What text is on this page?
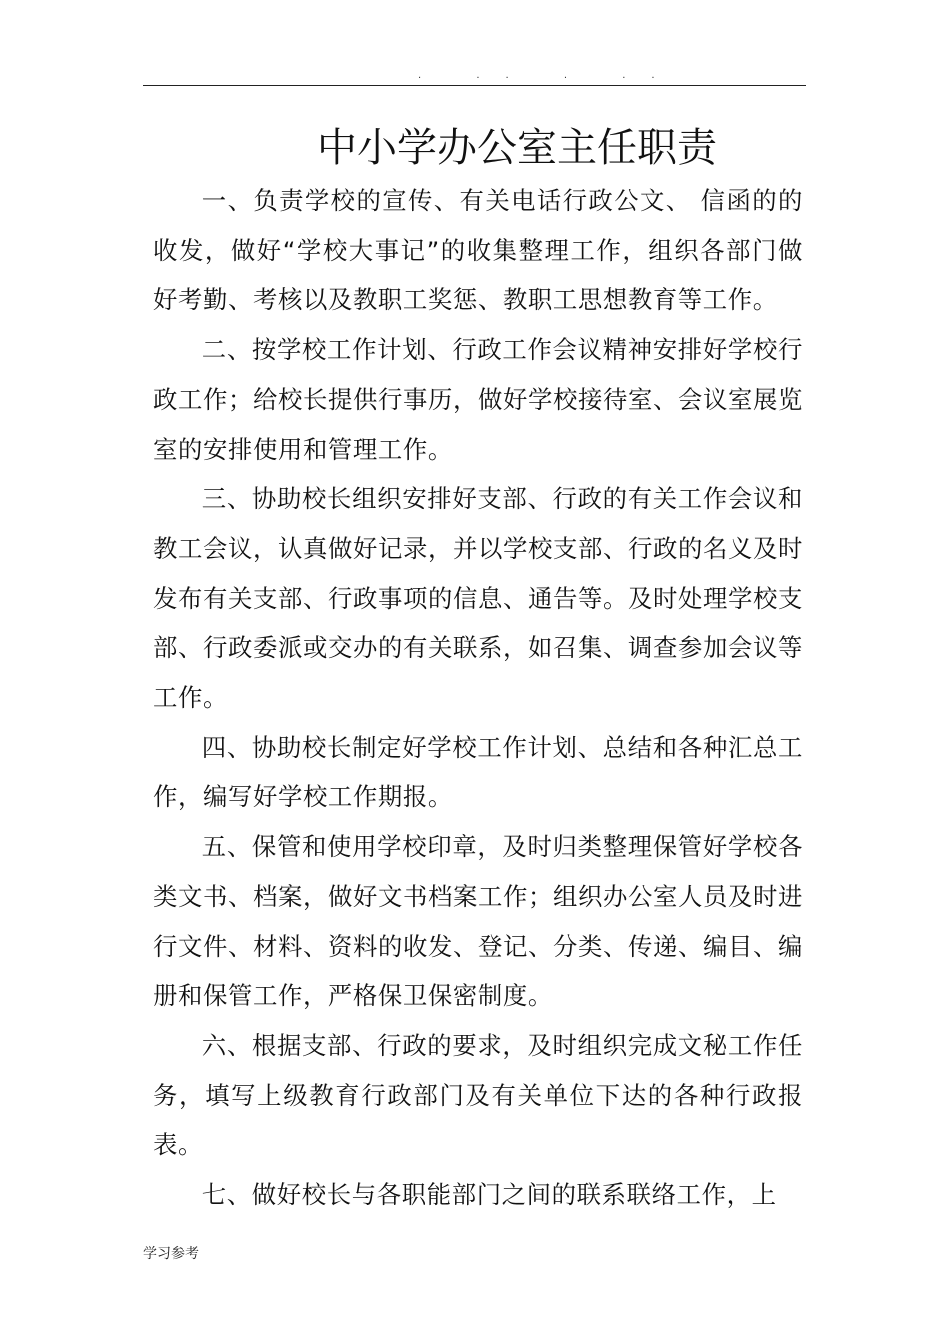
. .. . ..
中小学办公室主任职责

一、负责学校的宣传、有关电话行政公文、 信函的的收发，做好“学校大事记”的收集整理工作，组织各部门做好考勤、考核以及教职工奖惩、教职工思想教育等工作。

二、按学校工作计划、行政工作会议精神安排好学校行政工作；给校长提供行事历，做好学校接待室、会议室展览室的安排使用和管理工作。

三、协助校长组织安排好支部、行政的有关工作会议和教工会议，认真做好记录，并以学校支部、行政的名义及时发布有关支部、行政事项的信息、通告等。及时处理学校支部、行政委派或交办的有关联系，如召集、调查参加会议等工作。

四、协助校长制定好学校工作计划、总结和各种汇总工作，编写好学校工作期报。

五、保管和使用学校印章，及时归类整理保管好学校各类文书、档案，做好文书档案工作；组织办公室人员及时进行文件、材料、资料的收发、登记、分类、传递、编目、编册和保管工作，严格保卫保密制度。

六、根据支部、行政的要求，及时组织完成文秘工作任务，填写上级教育行政部门及有关单位下达的各种行政报表。

七、做好校长与各职能部门之间的联系联络工作，上

学习参考
